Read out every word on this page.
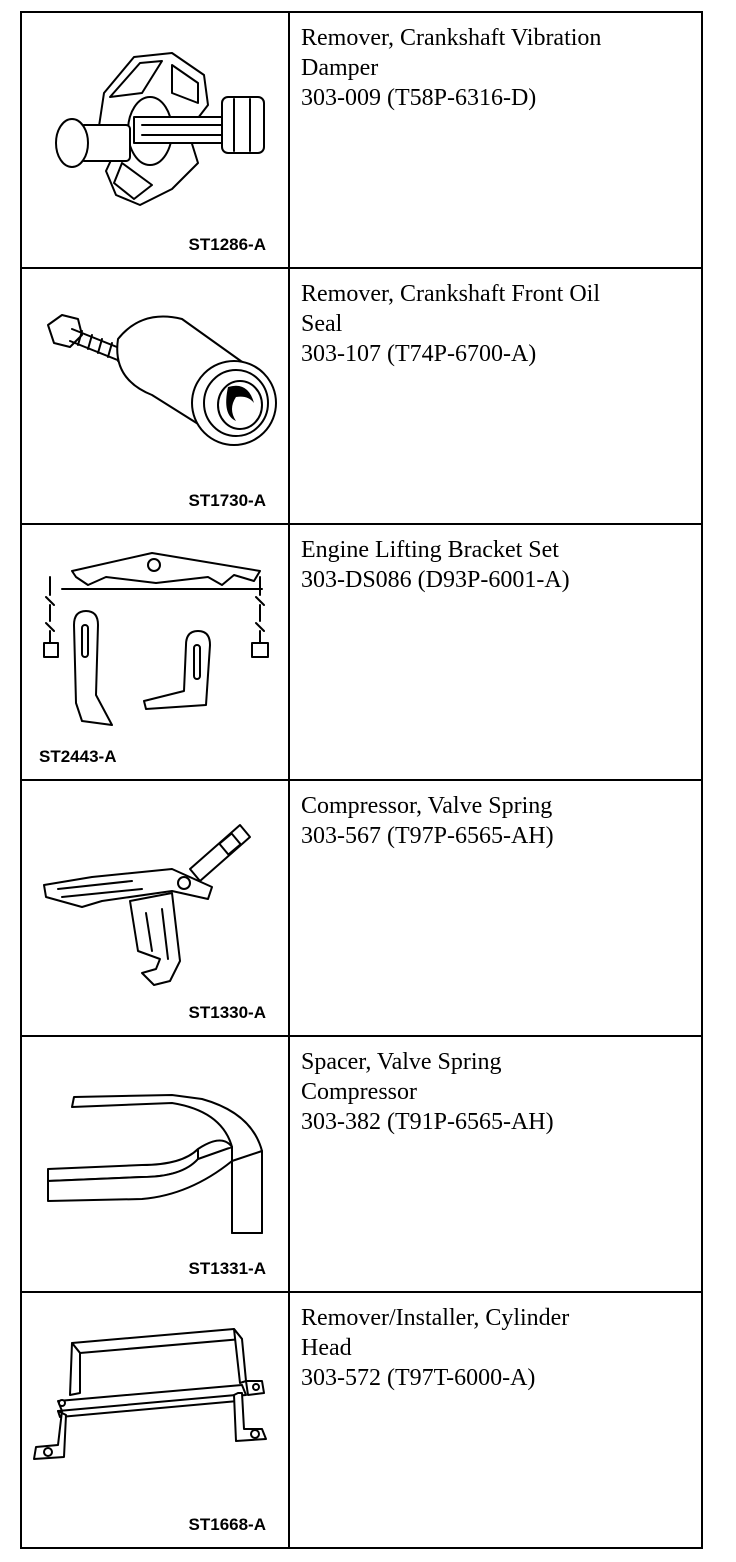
ST1286-A	Remover, Crankshaft Vibration
Damper
303-009 (T58P-6316-D)

ST1730-A	Remover, Crankshaft Front Oil
Seal
303-107 (T74P-6700-A)

ST2443-A	Engine Lifting Bracket Set
303-DS086 (D93P-6001-A)

ST1330-A	Compressor, Valve Spring
303-567 (T97P-6565-AH)

ST1331-A	Spacer, Valve Spring
Compressor
303-382 (T91P-6565-AH)

ST1668-A	Remover/Installer, Cylinder
Head
303-572 (T97T-6000-A)
